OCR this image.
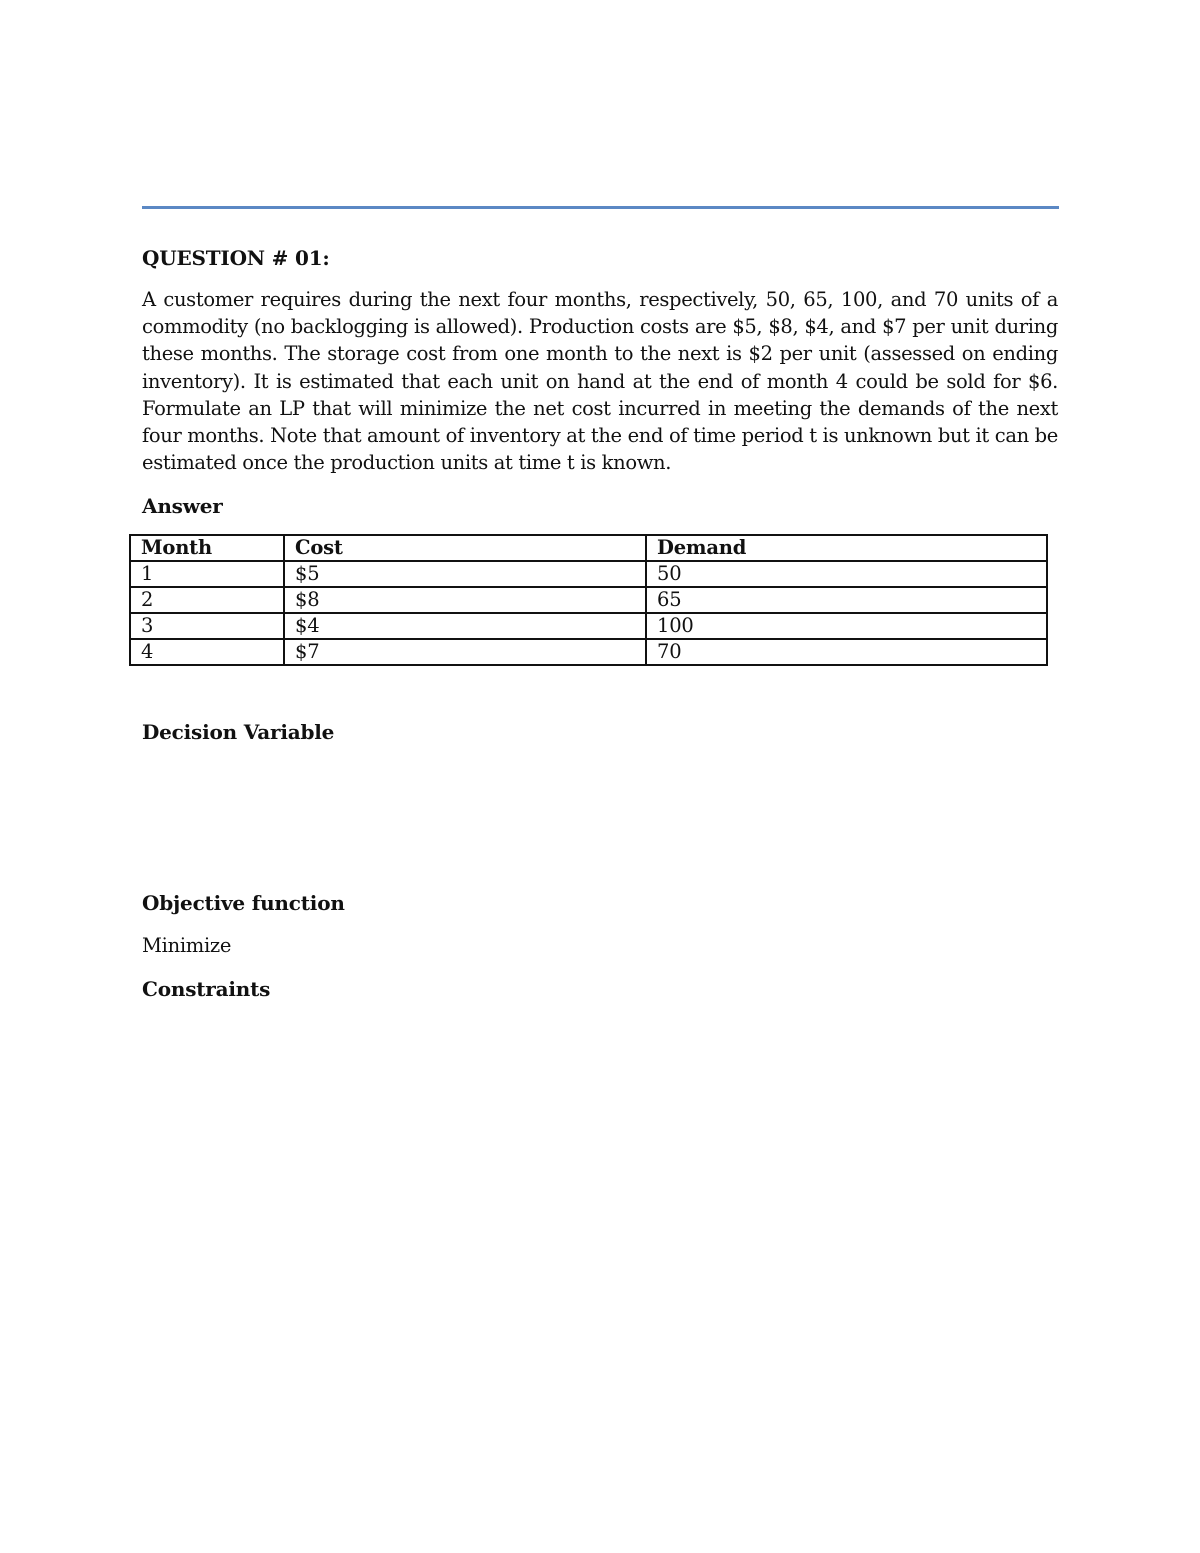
QUESTION # 01:
A customer requires during the next four months, respectively, 50, 65, 100, and 70 units of a commodity (no backlogging is allowed). Production costs are $5, $8, $4, and $7 per unit during these months. The storage cost from one month to the next is $2 per unit (assessed on ending inventory). It is estimated that each unit on hand at the end of month 4 could be sold for $6. Formulate an LP that will minimize the net cost incurred in meeting the demands of the next four months. Note that amount of inventory at the end of time period t is unknown but it can be estimated once the production units at time t is known.
Answer
Month	Cost	Demand
1	$5	50
2	$8	65
3	$4	100
4	$7	70
Decision Variable
Objective function
Minimize
Constraints
